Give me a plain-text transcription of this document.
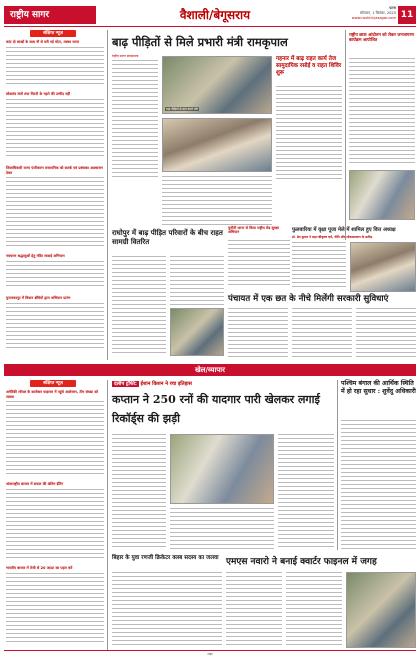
राष्ट्रीय सागर	वैशाली/बेगूसराय	पटना
सोमवार, 1 सितंबर, 2025
www.rashtriyasagar.com 11
संक्षिप्त न्यूज़
कांट दो लाखों के साथ नौ से धरी गई मोटा, तस्कर फरार
लोकतंत्र संतों तथा मिटटी के चहने की उम्मीद नहीं
जिलाधिकारी राज्य पंजीकरण रासायनिक को सतर्क एवं प्रबंधकर आश्वासन देकर
नवचरण श्रद्धालुओं हेतु मंदिर सफाई अभियान
मुजफ्फरपुर में विधान क्षेत्रियों द्वारा अभियान प्रारंभ
बाढ़ पीड़ितों से मिले प्रभारी मंत्री रामकृपाल
राष्ट्रीय सागर संवाददाता
बाढ़ पीड़ितों से बात करते मंत्री
गहनार में बाढ़ राहत कार्य तेज सामुदायिक रसोई व राहत शिविर शुरू
राष्ट्रीय छात्रा आंदोलन को लेकर जनजागरण कार्यक्रम आयोजित
राघोपुर में बाढ़ पीड़ित परिवारों के बीच राहत सामग्री वितरित
चुनौती घटना से किया राष्ट्रीय रोड सुरक्षा अभियान	फुलवारिया में वृक्षा पूजा मेले में शामिल हुए वित्त अध्यक्ष
डॉ. प्रेम कुमार ने सहा-श्रीकृष्ण धर्म, नीति और लोककल्याण के प्रतीक
पंचायत में एक छत के नीचे मिलेंगी सरकारी सुविधाएं
खेल/व्यापार
संक्षिप्त न्यूज़
अमेरिकी लॉयल के कारोबार फाइनल में पहुंचे आशेरवन, टीम संख्या को जवाब
अंतरराष्ट्रीय बाजार में सफल की अंतिम ईंटिंग
भारतीय बाजार में तेजी से 20 आउट का पहल करें
दलीप ट्रॉफी: ईशान किशन ने रचा इतिहास
कप्तान ने 250 रनों की यादगार पारी खेलकर लगाई रिकॉर्ड्स की झड़ी
पश्चिम बंगाल की आर्थिक स्थिति में हो रहा सुधार : शुवेंदु अधिकारी
बिहार के युवा रणजी क्रिकेटर क्लब सदस्य का जलवा एमएस नवारो ने बनाई क्वार्टर फाइनल में जगह
शहर
